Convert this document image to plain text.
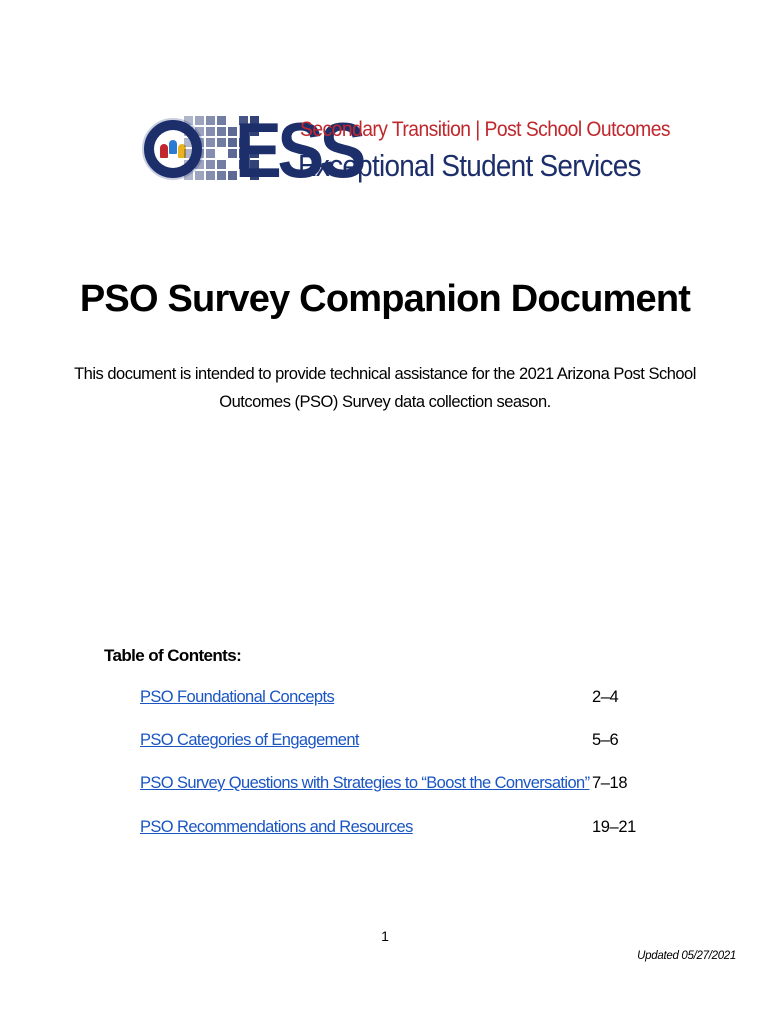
ESS
Secondary Transition | Post School Outcomes
Exceptional Student Services
PSO Survey Companion Document
This document is intended to provide technical assistance for the 2021 Arizona Post School Outcomes (PSO) Survey data collection season.
Table of Contents:
PSO Foundational Concepts	2–4
PSO Categories of Engagement	5–6
PSO Survey Questions with Strategies to “Boost the Conversation” 7–18
PSO Recommendations and Resources	19–21
1
Updated 05/27/2021
